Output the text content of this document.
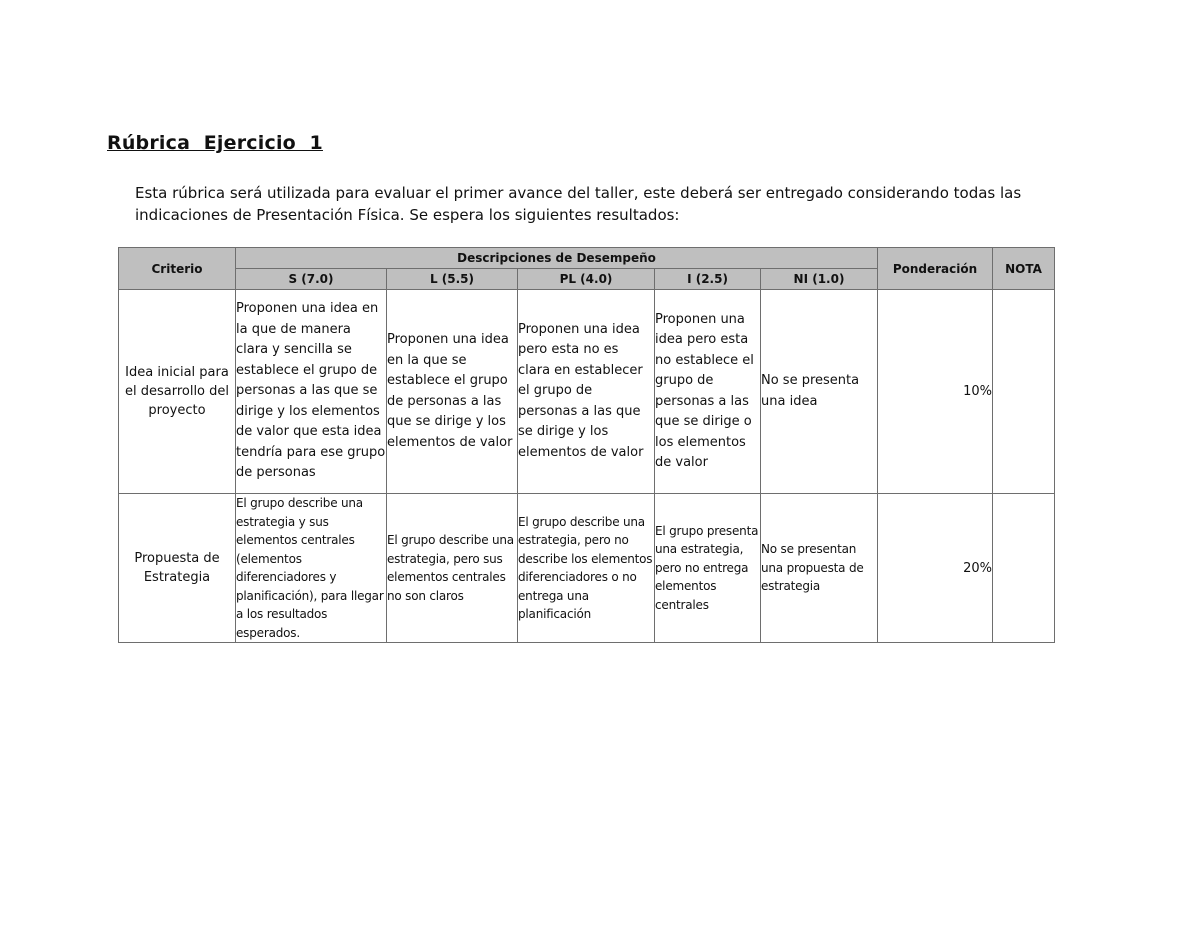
Rúbrica  Ejercicio  1
Esta rúbrica será utilizada para evaluar el primer avance del taller, este deberá ser entregado considerando todas las indicaciones de Presentación Física. Se espera los siguientes resultados:
Criterio	Descripciones de Desempeño					Ponderación	NOTA
	S (7.0)	L (5.5)	PL (4.0)	I (2.5)	NI (1.0)		
Idea inicial para el desarrollo del proyecto	Proponen una idea en la que de manera clara y sencilla se establece el grupo de personas a las que se dirige y los elementos de valor que esta idea tendría para ese grupo de personas	Proponen una idea en la que se establece el grupo de personas a las que se dirige y los elementos de valor	Proponen una idea pero esta no es clara en establecer el grupo de personas a las que se dirige y los elementos de valor	Proponen una idea pero esta no establece el grupo de personas a las que se dirige o los elementos de valor	No se presenta una idea	10%	
Propuesta de Estrategia	El grupo describe una estrategia y sus elementos centrales (elementos diferenciadores y planificación), para llegar a los resultados esperados.	El grupo describe una estrategia, pero sus elementos centrales no son claros	El grupo describe una estrategia, pero no describe los elementos diferenciadores o no entrega una planificación	El grupo presenta una estrategia, pero no entrega elementos centrales	No se presentan una propuesta de estrategia	20%	
